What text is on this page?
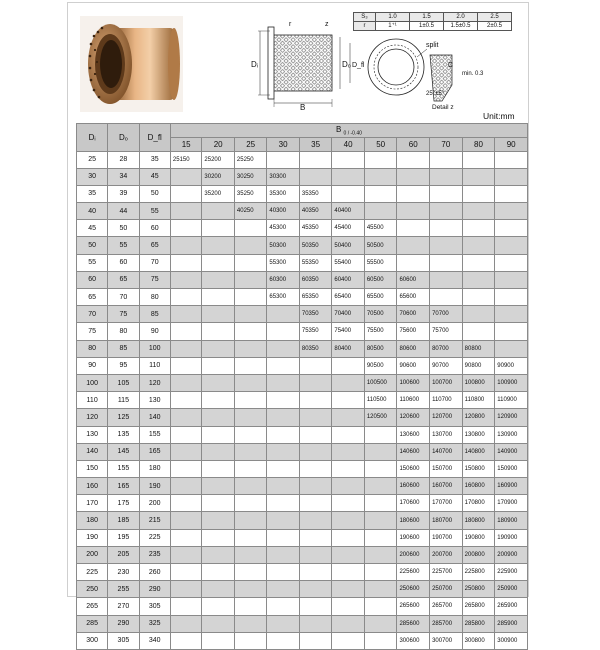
Dᵢ	Dₒ D_fl
B
r	z
split
C
25°±5°
Detail z
min. 0.3
S₃	1.0	1.5	2.0	2.5
r	1⁺¹	1±0.5	1.5±0.5	2±0.5
Unit:mm
Dᵢ	Dₒ	D_fl	B $_{0 / -0.40}$
			15	20	25	30	35	40	50	60	70	80	90
25	28	35	25150	25200	25250								
30	34	45		30200	30250	30300							
35	39	50		35200	35250	35300	35350						
40	44	55			40250	40300	40350	40400					
45	50	60				45300	45350	45400	45500				
50	55	65				50300	50350	50400	50500				
55	60	70				55300	55350	55400	55500				
60	65	75				60300	60350	60400	60500	60600			
65	70	80				65300	65350	65400	65500	65600			
70	75	85					70350	70400	70500	70600	70700		
75	80	90					75350	75400	75500	75600	75700		
80	85	100					80350	80400	80500	80600	80700	80800	
90	95	110							90500	90600	90700	90800	90900
100	105	120							100500	100600	100700	100800	100900
110	115	130							110500	110600	110700	110800	110900
120	125	140							120500	120600	120700	120800	120900
130	135	155								130600	130700	130800	130900
140	145	165								140600	140700	140800	140900
150	155	180								150600	150700	150800	150900
160	165	190								160600	160700	160800	160900
170	175	200								170600	170700	170800	170900
180	185	215								180600	180700	180800	180900
190	195	225								190600	190700	190800	190900
200	205	235								200600	200700	200800	200900
225	230	260								225600	225700	225800	225900
250	255	290								250600	250700	250800	250900
265	270	305								265600	265700	265800	265900
285	290	325								285600	285700	285800	285900
300	305	340								300600	300700	300800	300900
